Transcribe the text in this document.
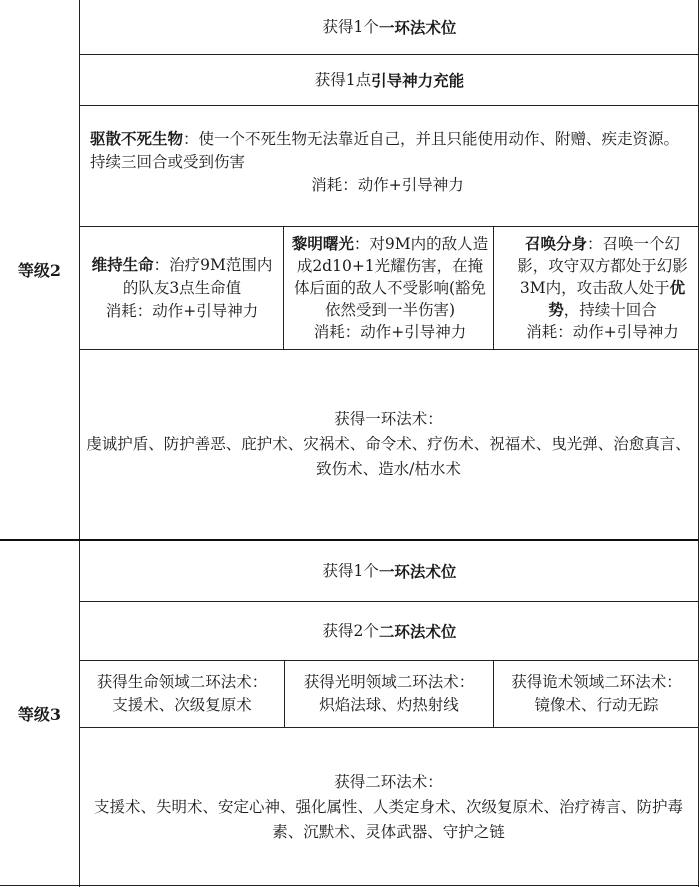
等级2
获得1个 一环法术位
获得1点 引导神力充能
驱散不死生物：使一个不死生物无法靠近自己，并且只能使用动作、附赠、疾走资源。持续三回合或受到伤害
消耗：动作+引导神力
维持生命：治疗9M范围内的队友3点生命值
消耗：动作+引导神力
黎明曙光：对9M内的敌人造成2d10+1光耀伤害，在掩体后面的敌人不受影响(豁免依然受到一半伤害)
消耗：动作+引导神力
召唤分身：召唤一个幻影，攻守双方都处于幻影3M内，攻击敌人处于优势，持续十回合
消耗：动作+引导神力
获得一环法术：
虔诚护盾、防护善恶、庇护术、灾祸术、命令术、疗伤术、祝福术、曳光弹、治愈真言、致伤术、造水/枯水术
等级3
获得1个 一环法术位
获得2个 二环法术位
获得生命领域二环法术：
支援术、次级复原术
获得光明领域二环法术：
炽焰法球、灼热射线
获得诡术领域二环法术：
镜像术、行动无踪
获得二环法术：
支援术、失明术、安定心神、强化属性、人类定身术、次级复原术、治疗祷言、防护毒素、沉默术、灵体武器、守护之链
